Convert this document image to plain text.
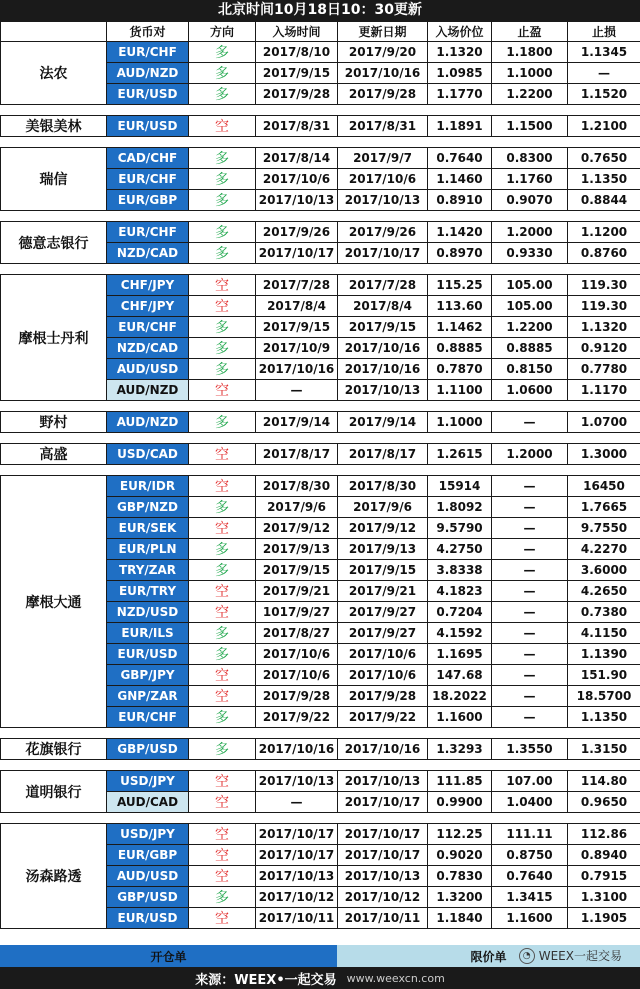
北京时间10月18日10：30更新
货币对	方向	入场时间	更新日期	入场价位	止盈	止损
法农
EUR/CHF	多	2017/8/10	2017/9/20	1.1320	1.1800	1.1345
AUD/NZD	多	2017/9/15	2017/10/16	1.0985	1.1000	—
EUR/USD	多	2017/9/28	2017/9/28	1.1770	1.2200	1.1520
美银美林	EUR/USD	空	2017/8/31	2017/8/31	1.1891	1.1500	1.2100
瑞信
CAD/CHF	多	2017/8/14	2017/9/7	0.7640	0.8300	0.7650
EUR/CHF	多	2017/10/6	2017/10/6	1.1460	1.1760	1.1350
EUR/GBP	多	2017/10/13 2017/10/13	0.8910	0.9070	0.8844
德意志银行
EUR/CHF	多	2017/9/26	2017/9/26	1.1420	1.2000	1.1200
NZD/CAD	多	2017/10/17 2017/10/17	0.8970	0.9330	0.8760
摩根士丹利
CHF/JPY	空	2017/7/28	2017/7/28	115.25	105.00	119.30
CHF/JPY	空	2017/8/4	2017/8/4	113.60	105.00	119.30
EUR/CHF	多	2017/9/15	2017/9/15	1.1462	1.2200	1.1320
NZD/CAD	多	2017/10/9	2017/10/16	0.8885	0.8885	0.9120
AUD/USD	多	2017/10/16 2017/10/16	0.7870	0.8150	0.7780
AUD/NZD	空	—	2017/10/13	1.1100	1.0600	1.1170
野村	AUD/NZD	多	2017/9/14	2017/9/14	1.1000	—	1.0700
高盛	USD/CAD	空	2017/8/17	2017/8/17	1.2615	1.2000	1.3000
摩根大通
EUR/IDR	空	2017/8/30	2017/8/30	15914	—	16450
GBP/NZD	多	2017/9/6	2017/9/6	1.8092	—	1.7665
EUR/SEK	空	2017/9/12	2017/9/12	9.5790	—	9.7550
EUR/PLN	多	2017/9/13	2017/9/13	4.2750	—	4.2270
TRY/ZAR	多	2017/9/15	2017/9/15	3.8338	—	3.6000
EUR/TRY	空	2017/9/21	2017/9/21	4.1823	—	4.2650
NZD/USD	空	1017/9/27	2017/9/27	0.7204	—	0.7380
EUR/ILS	多	2017/8/27	2017/9/27	4.1592	—	4.1150
EUR/USD	多	2017/10/6	2017/10/6	1.1695	—	1.1390
GBP/JPY	空	2017/10/6	2017/10/6	147.68	—	151.90
GNP/ZAR	空	2017/9/28	2017/9/28	18.2022	—	18.5700
EUR/CHF	多	2017/9/22	2017/9/22	1.1600	—	1.1350
花旗银行	GBP/USD	多	2017/10/16 2017/10/16	1.3293	1.3550	1.3150
道明银行
USD/JPY	空	2017/10/13 2017/10/13	111.85	107.00	114.80
AUD/CAD	空	—	2017/10/17	0.9900	1.0400	0.9650
汤森路透
USD/JPY	空	2017/10/17 2017/10/17	112.25	111.11	112.86
EUR/GBP	空	2017/10/17 2017/10/17	0.9020	0.8750	0.8940
AUD/USD	空	2017/10/13 2017/10/13	0.7830	0.7640	0.7915
GBP/USD	多	2017/10/12 2017/10/12	1.3200	1.3415	1.3100
EUR/USD	空	2017/10/11 2017/10/11	1.1840	1.1600	1.1905
开仓单	限价单	◔ WEEX一起交易
来源：WEEX•一起交易 www.weexcn.com
